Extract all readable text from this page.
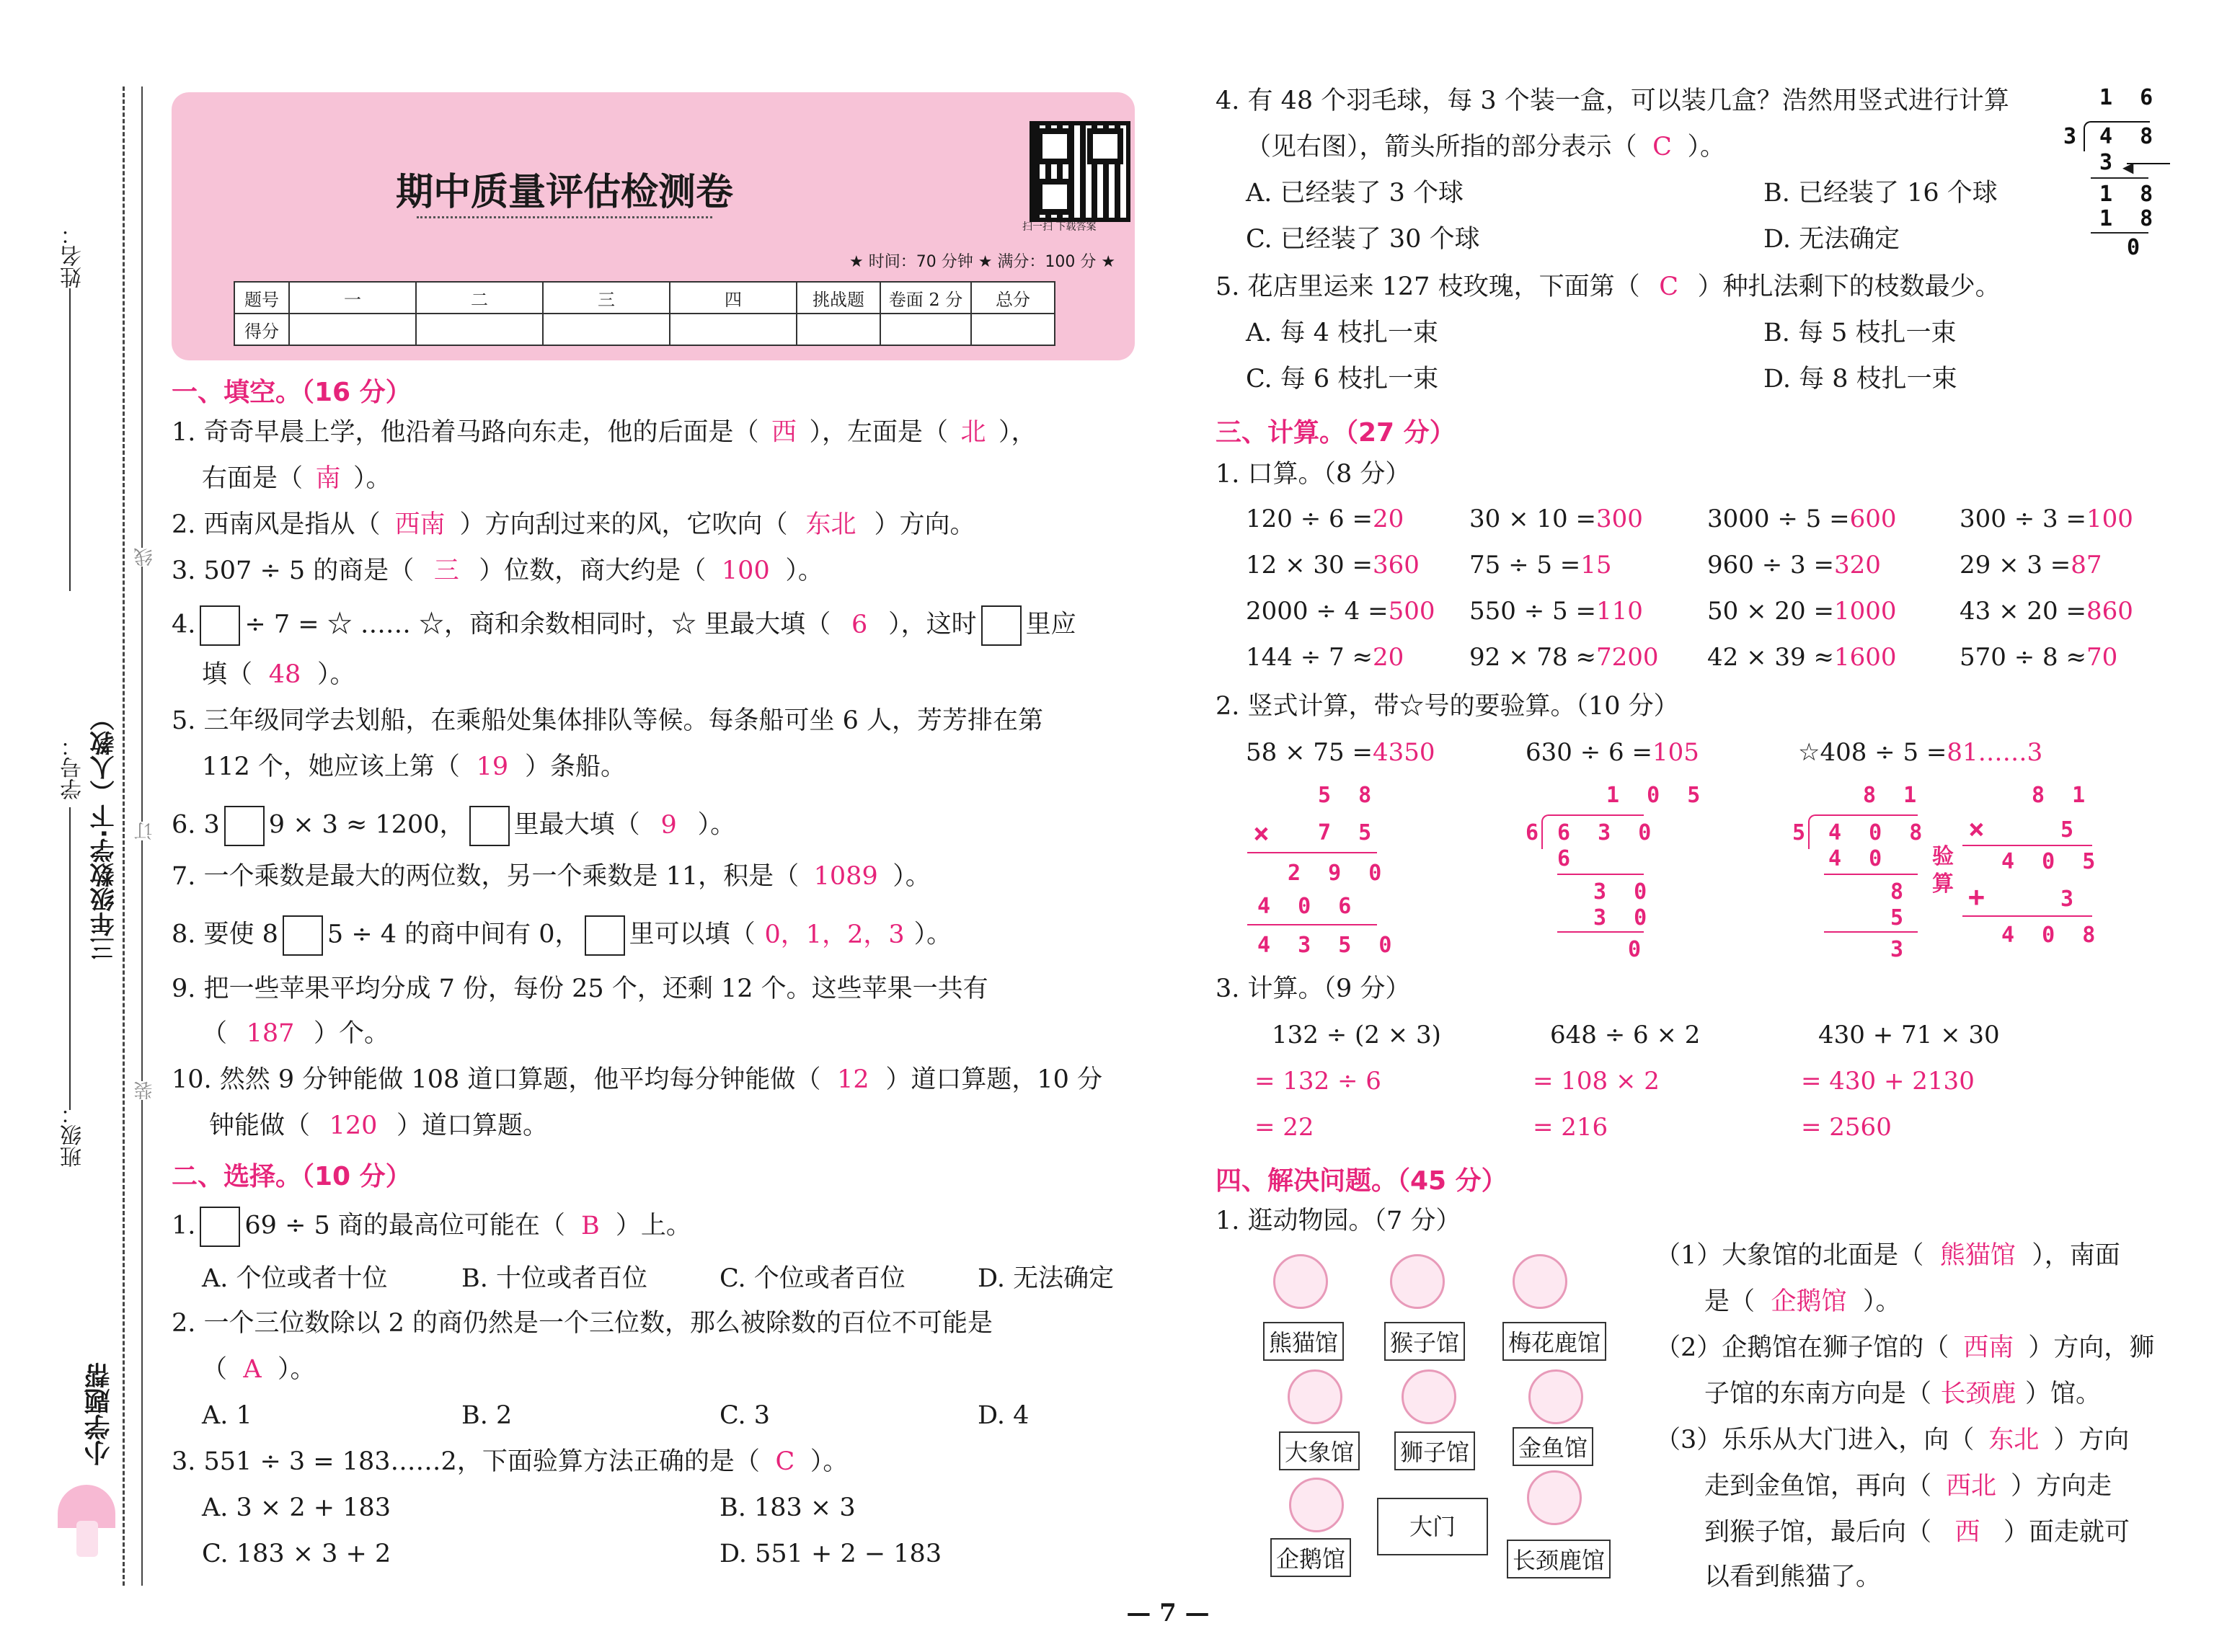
姓名：
学号： 三年级数学·下（人教）
班级：
线
订
装
小学题帮
期中质量评估检测卷
扫一扫 下载答案
★ 时间：70 分钟 ★ 满分：100 分 ★
题号	一	二	三	四	挑战题	卷面 2 分	总分
得分							
一、填空。（16 分）
1. 奇奇早晨上学，他沿着马路向东走，他的后面是（ 西 ），左面是（ 北 ），
右面是（ 南 ）。
2. 西南风是指从（ 西南 ）方向刮过来的风，它吹向（ 东北 ）方向。
3. 507 ÷ 5 的商是（ 三 ）位数，商大约是（ 100 ）。
4. ÷ 7 = ☆ …… ☆，商和余数相同时，☆ 里最大填（ 6 ），这时 里应
填（ 48 ）。
5. 三年级同学去划船，在乘船处集体排队等候。每条船可坐 6 人，芳芳排在第
112 个，她应该上第（ 19 ）条船。
6. 3 9 × 3 ≈ 1200， 里最大填（ 9 ）。
7. 一个乘数是最大的两位数，另一个乘数是 11，积是（ 1089 ）。
8. 要使 8 5 ÷ 4 的商中间有 0， 里可以填（ 0，1，2，3 ）。
9. 把一些苹果平均分成 7 份，每份 25 个，还剩 12 个。这些苹果一共有
（ 187 ）个。
10. 然然 9 分钟能做 108 道口算题，他平均每分钟能做（ 12 ）道口算题，10 分
钟能做（ 120 ）道口算题。
二、选择。（10 分）
1. 69 ÷ 5 商的最高位可能在（ B ）上。
A. 个位或者十位	B. 十位或者百位	C. 个位或者百位	D. 无法确定
2. 一个三位数除以 2 的商仍然是一个三位数，那么被除数的百位不可能是
（ A ）。
A. 1	B. 2	C. 3	D. 4
3. 551 ÷ 3 = 183……2，下面验算方法正确的是（ C ）。
A. 3 × 2 + 183	B. 183 × 3
C. 183 × 3 + 2	D. 551 + 2 − 183
4. 有 48 个羽毛球，每 3 个装一盒，可以装几盒？浩然用竖式进行计算
（见右图），箭头所指的部分表示（ C ）。
A. 已经装了 3 个球	B. 已经装了 16 个球
C. 已经装了 30 个球	D. 无法确定
1 6
3 4 8
3 ◀
1 8
1 8
0
5. 花店里运来 127 枝玫瑰，下面第（ C ）种扎法剩下的枝数最少。
A. 每 4 枝扎一束	B. 每 5 枝扎一束
C. 每 6 枝扎一束	D. 每 8 枝扎一束
三、计算。（27 分）
1. 口算。（8 分）
120 ÷ 6 =20	30 × 10 =300	3000 ÷ 5 =600	300 ÷ 3 =100
12 × 30 =360 75 ÷ 5 =15	960 ÷ 3 =320	29 × 3 =87
2000 ÷ 4 =500 550 ÷ 5 =110	50 × 20 =1000	43 × 20 =860
144 ÷ 7 ≈20	92 × 78 ≈7200 42 × 39 ≈1600	570 ÷ 8 ≈70
2. 竖式计算，带☆号的要验算。（10 分）
58 × 75 =4350
5 8
× 7 5
2 9 0
4 0 6
4 3 5 0
630 ÷ 6 =105
1 0 5
6 6 3 0
6
3 0
3 0
0
☆408 ÷ 5 =81……3
8 1
5 4 0 8
4 0
8
5
3
验算
8 1
×	5
4 0 5
+	3
4 0 8
3. 计算。（9 分）
132 ÷ (2 × 3)
= 132 ÷ 6
= 22
648 ÷ 6 × 2
= 108 × 2
= 216
430 + 71 × 30
= 430 + 2130
= 2560
四、解决问题。（45 分）
1. 逛动物园。（7 分）
熊猫馆 猴子馆 梅花鹿馆
大象馆 狮子馆 金鱼馆
企鹅馆
大门
长颈鹿馆
（1）大象馆的北面是（ 熊猫馆 ），南面
是（ 企鹅馆 ）。
（2）企鹅馆在狮子馆的（ 西南 ）方向，狮
子馆的东南方向是（ 长颈鹿 ）馆。
（3）乐乐从大门进入，向（ 东北 ）方向
走到金鱼馆，再向（ 西北 ）方向走
到猴子馆，最后向（ 西 ）面走就可
以看到熊猫了。
— 7 —
